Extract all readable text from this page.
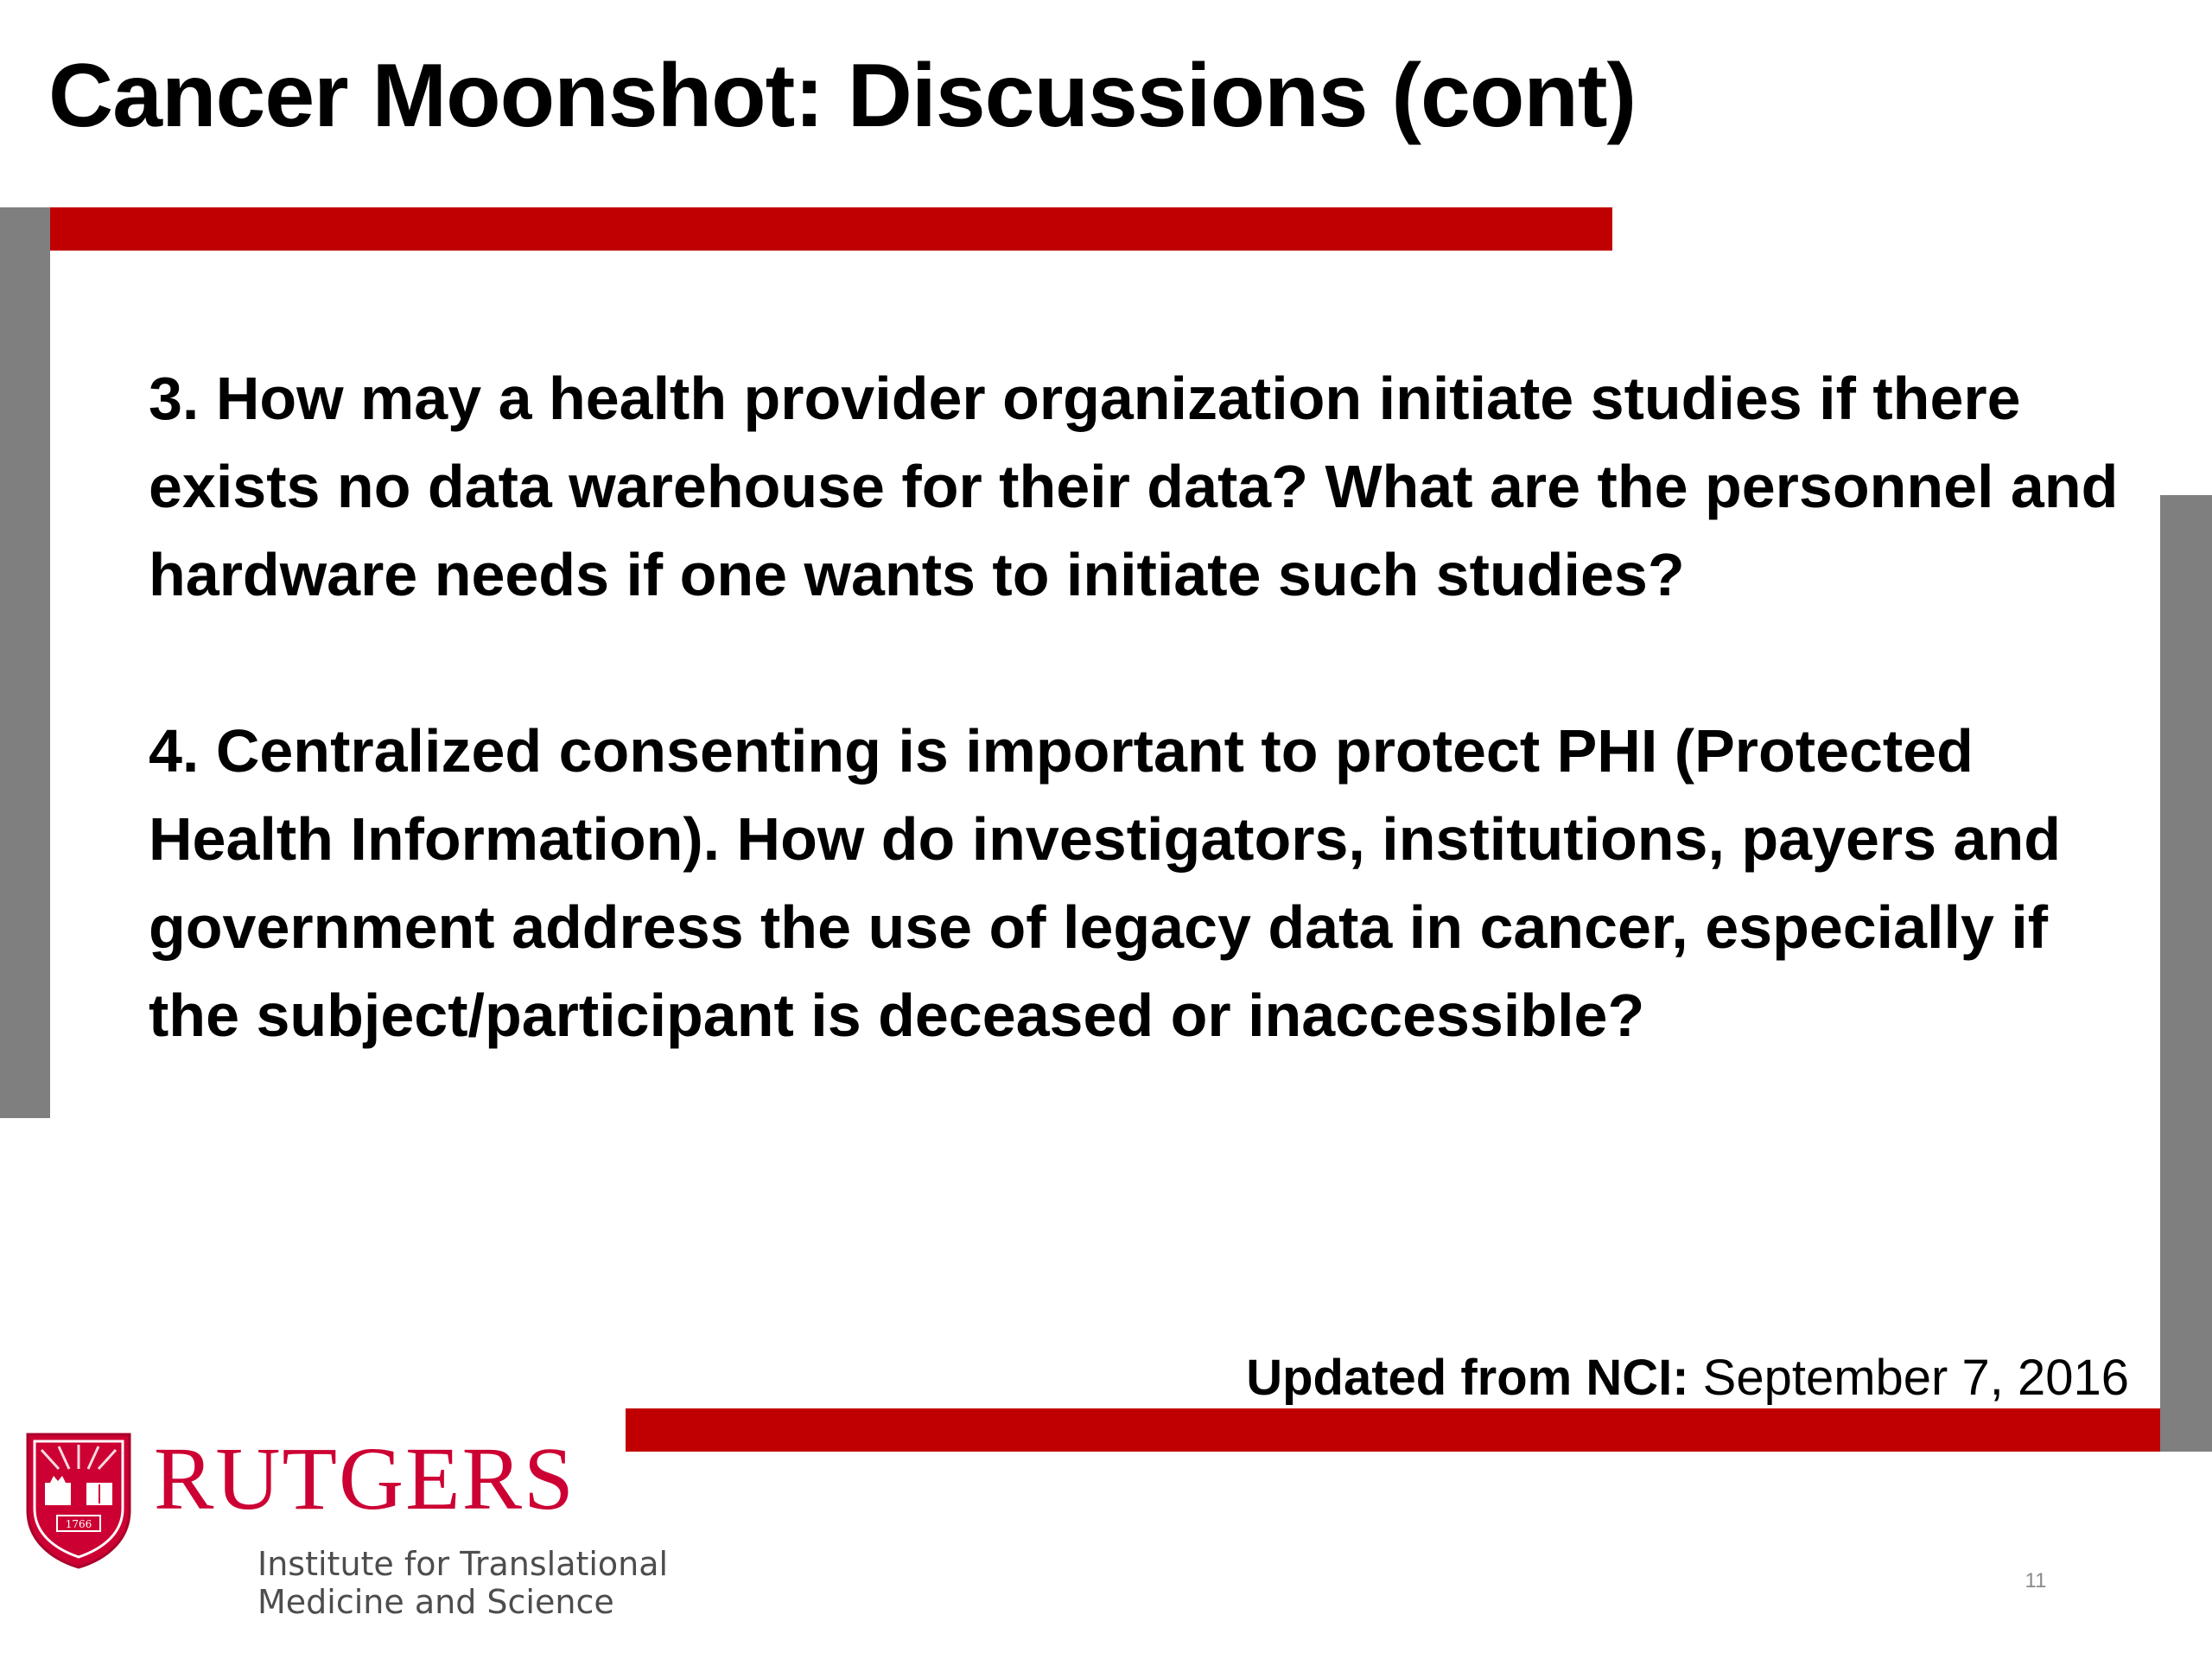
Cancer Moonshot: Discussions (cont)

3. How may a health provider organization initiate studies if there exists no data warehouse for their data? What are the personnel and hardware needs if one wants to initiate such studies?

4. Centralized consenting is important to protect PHI (Protected Health Information). How do investigators, institutions, payers and government address the use of legacy data in cancer, especially if the subject/participant is deceased or inaccessible?

Updated from NCI: September 7, 2016
1766 RUTGERS
Institute for Translational
Medicine and Science
11
